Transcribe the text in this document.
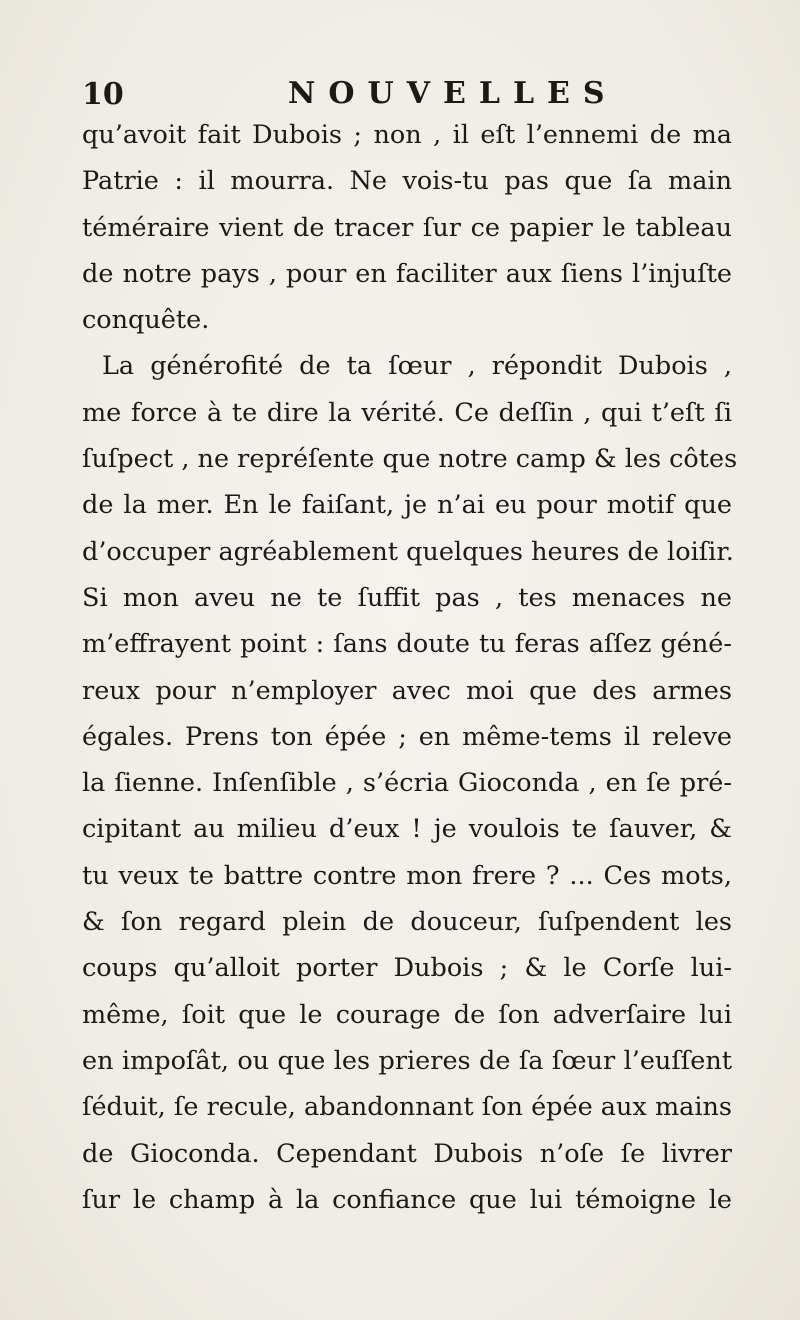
10	NOUVELLES
qu’avoit fait Dubois ; non , il eſt l’ennemi de ma
Patrie : il mourra. Ne vois-tu pas que ſa main
téméraire vient de tracer ſur ce papier le tableau
de notre pays , pour en faciliter aux ſiens l’injuſte
conquête.
La générofité de ta ſœur , répondit Dubois ,
me force à te dire la vérité. Ce deſſin , qui t’eſt ſi
ſuſpect , ne repréſente que notre camp & les côtes
de la mer. En le faiſant, je n’ai eu pour motif que
d’occuper agréablement quelques heures de loiſir.
Si mon aveu ne te ſuffit pas , tes menaces ne
m’effrayent point : ſans doute tu feras aſſez géné-
reux pour n’employer avec moi que des armes
égales. Prens ton épée ; en même-tems il releve
la ſienne. Inſenſible , s’écria Gioconda , en ſe pré-
cipitant au milieu d’eux ! je voulois te ſauver, &
tu veux te battre contre mon frere ? ... Ces mots,
& ſon regard plein de douceur, ſuſpendent les
coups qu’alloit porter Dubois ; & le Corſe lui-
même, ſoit que le courage de ſon adverſaire lui
en impoſât, ou que les prieres de ſa ſœur l’euſſent
ſéduit, ſe recule, abandonnant ſon épée aux mains
de Gioconda. Cependant Dubois n’oſe ſe livrer
ſur le champ à la confiance que lui témoigne le
